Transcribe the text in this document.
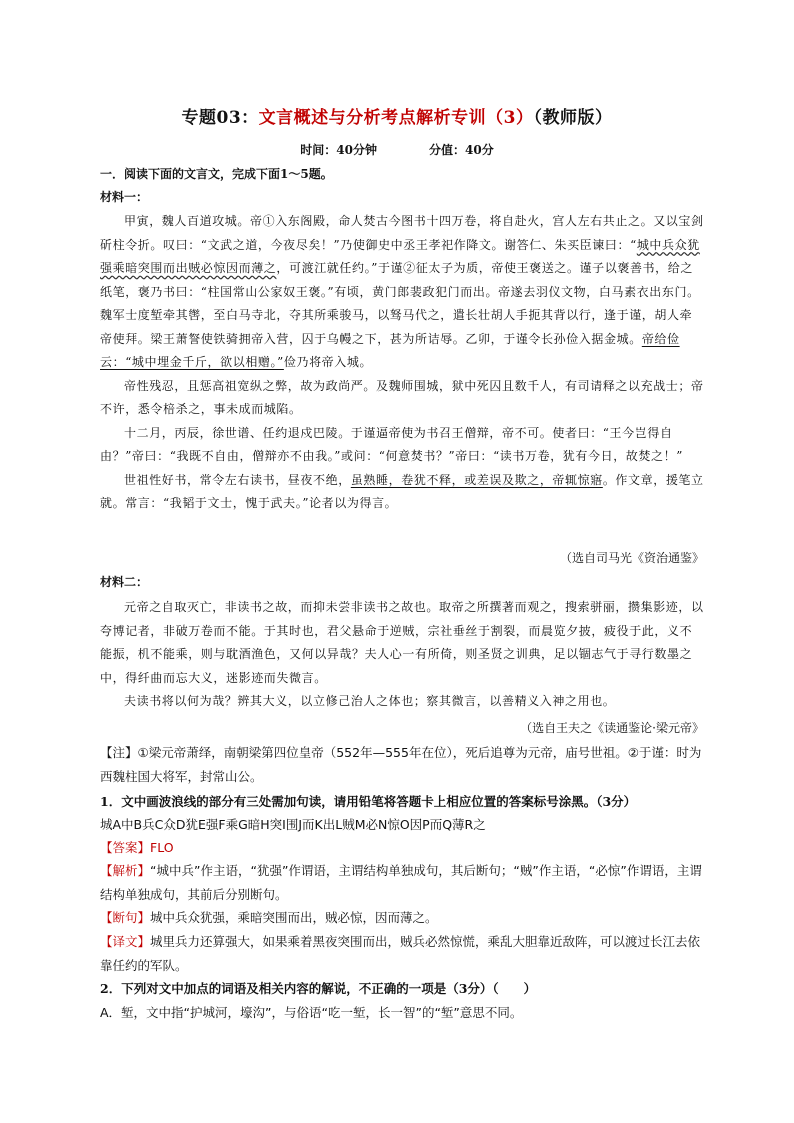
专题03：文言概述与分析考点解析专训（3）（教师版）
时间：40分钟	分值：40分
一．阅读下面的文言文，完成下面1～5题。
材料一：

甲寅，魏人百道攻城。帝①入东阁殿，命人焚古今图书十四万卷，将自赴火，宫人左右共止之。又以宝剑斫柱令折。叹曰：“文武之道，今夜尽矣！”乃使御史中丞王孝祀作降文。谢答仁、朱买臣谏曰：“城中兵众犹强乘暗突围而出贼必惊因而薄之，可渡江就任约。”于谨②征太子为质，帝使王褒送之。谨子以褒善书，给之纸笔，褒乃书曰：“柱国常山公家奴王褒。”有顷，黄门郎裴政犯门而出。帝遂去羽仪文物，白马素衣出东门。魏军士度堑牵其辔，至白马寺北，夺其所乘骏马，以驽马代之，遣长壮胡人手扼其背以行，逢于谨，胡人牵帝使拜。梁王萧詧使铁骑拥帝入营，囚于乌幔之下，甚为所诘辱。乙卯，于谨令长孙俭入据金城。帝给俭云：“城中埋金千斤，欲以相赠。”俭乃将帝入城。

帝性残忍，且惩高祖宽纵之弊，故为政尚严。及魏师围城，狱中死囚且数千人，有司请释之以充战士；帝不许，悉令棓杀之，事未成而城陷。

十二月，丙辰，徐世谱、任约退戍巴陵。于谨逼帝使为书召王僧辩，帝不可。使者曰：“王今岂得自由？”帝曰：“我既不自由，僧辩亦不由我。”或问：“何意焚书？”帝曰：“读书万卷，犹有今日，故焚之！”

世祖性好书，常令左右读书，昼夜不绝，虽熟睡，卷犹不释，或差误及欺之，帝辄惊寤。作文章，援笔立就。常言：“我韬于文士，愧于武夫。”论者以为得言。

（选自司马光《资治通鉴》
材料二：

元帝之自取灭亡，非读书之故，而抑未尝非读书之故也。取帝之所撰著而观之，搜索骈丽，攒集影迹，以夸博记者，非破万卷而不能。于其时也，君父悬命于逆贼，宗社垂丝于割裂，而晨览夕披，疲役于此，义不能振，机不能乘，则与耽酒渔色，又何以异哉？夫人心一有所倚，则圣贤之训典，足以锢志气于寻行数墨之中，得纤曲而忘大义，迷影迹而失微言。

夫读书将以何为哉？辨其大义，以立修己治人之体也；察其微言，以善精义入神之用也。

（选自王夫之《读通鉴论·梁元帝》
【注】①梁元帝萧绎，南朝梁第四位皇帝（552年—555年在位），死后追尊为元帝，庙号世祖。②于谨：时为西魏柱国大将军，封常山公。
1．文中画波浪线的部分有三处需加句读，请用铅笔将答题卡上相应位置的答案标号涂黑。（3分）
城A中B兵C众D犹E强F乘G暗H突I围J而K出L贼M必N惊O因P而Q薄R之
【答案】FLO
【解析】“城中兵”作主语，“犹强”作谓语，主谓结构单独成句，其后断句；“贼”作主语，“必惊”作谓语，主谓结构单独成句，其前后分别断句。
【断句】城中兵众犹强，乘暗突围而出，贼必惊，因而薄之。
【译文】城里兵力还算强大，如果乘着黑夜突围而出，贼兵必然惊慌，乘乱大胆靠近敌阵，可以渡过长江去依靠任约的军队。
2．下列对文中加点的词语及相关内容的解说，不正确的一项是（3分）（　　）
A．堑，文中指“护城河，壕沟”，与俗语“吃一堑，长一智”的“堑”意思不同。
